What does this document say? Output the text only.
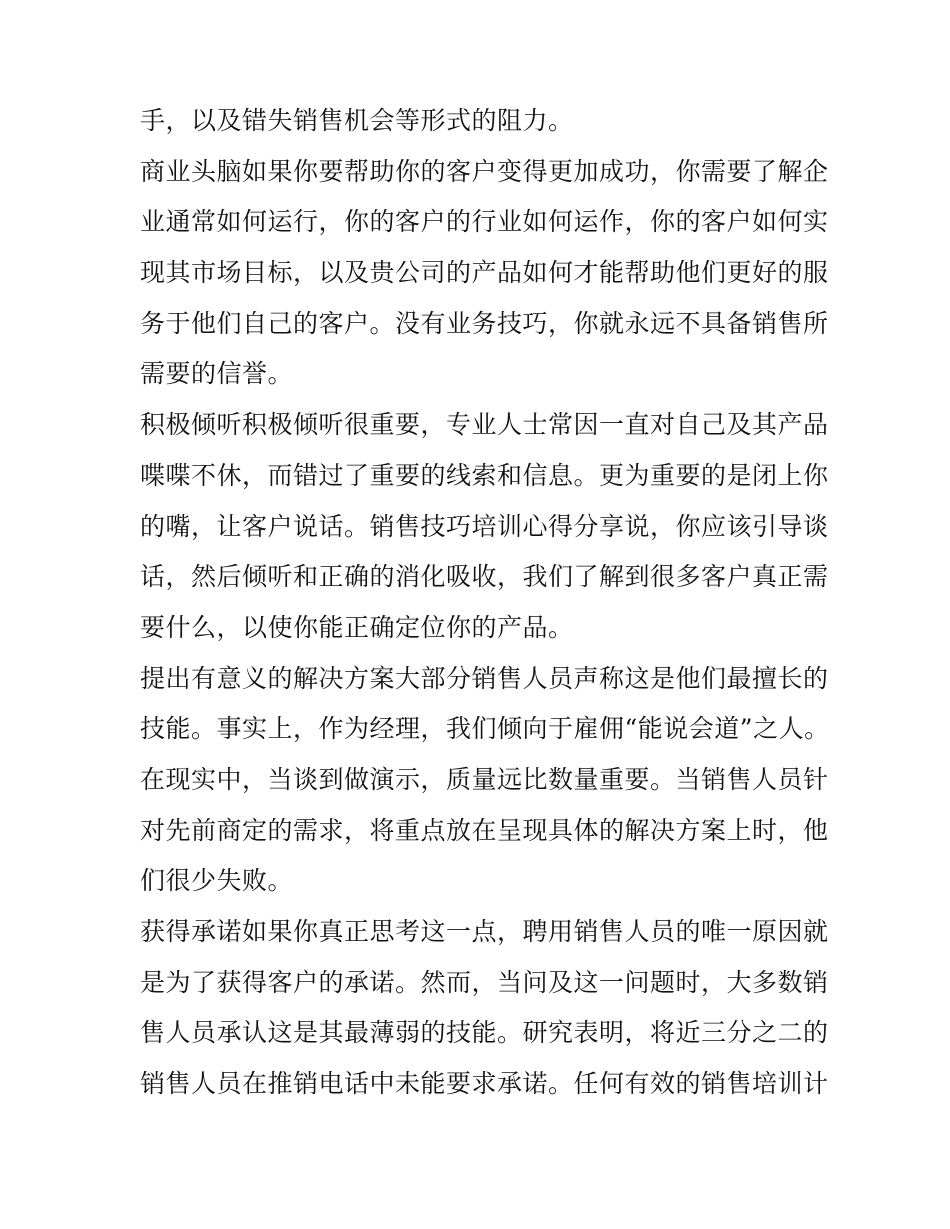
手，以及错失销售机会等形式的阻力。
商业头脑如果你要帮助你的客户变得更加成功，你需要了解企
业通常如何运行，你的客户的行业如何运作，你的客户如何实
现其市场目标，以及贵公司的产品如何才能帮助他们更好的服
务于他们自己的客户。没有业务技巧，你就永远不具备销售所
需要的信誉。
积极倾听积极倾听很重要，专业人士常因一直对自己及其产品
喋喋不休，而错过了重要的线索和信息。更为重要的是闭上你
的嘴，让客户说话。销售技巧培训心得分享说，你应该引导谈
话，然后倾听和正确的消化吸收，我们了解到很多客户真正需
要什么，以使你能正确定位你的产品。
提出有意义的解决方案大部分销售人员声称这是他们最擅长的
技能。事实上，作为经理，我们倾向于雇佣“能说会道”之人。
在现实中，当谈到做演示，质量远比数量重要。当销售人员针
对先前商定的需求，将重点放在呈现具体的解决方案上时，他
们很少失败。
获得承诺如果你真正思考这一点，聘用销售人员的唯一原因就
是为了获得客户的承诺。然而，当问及这一问题时，大多数销
售人员承认这是其最薄弱的技能。研究表明，将近三分之二的
销售人员在推销电话中未能要求承诺。任何有效的销售培训计
